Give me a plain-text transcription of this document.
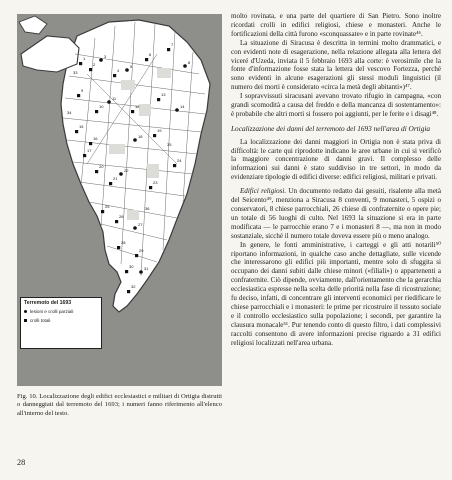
1
2
3
4
5
6
7
8
9
10
11
12
13
14
15
16
17
18
19
20
21
22
23
24
25
26
27
28
29
30	31
32
33
34
35
36
Terremoto del 1693
lesioni e crolli parziali
crolli totali
Fig. 10. Localizzazione degli edifici ecclesiastici e militari di Ortigia distrutti o danneggiati dal terremoto del 1693; i numeri fanno riferimento all'elenco all'interno del testo.
28

molto rovinata, e una parte del quartiere di San Pietro. Sono inoltre ricordati crolli in edifici religiosi, chiese e monasteri. Anche le fortificazioni della città furono «sconquassate» e in parte rovinate⁴⁶.

La situazione di Siracusa è descritta in termini molto drammatici, e con evidenti note di esagerazione, nella relazione allegata alla lettera del viceré d'Uzeda, inviata il 5 febbraio 1693 alla corte: è verosimile che la fonte d'informazione fosse stata la lettera del vescovo Fortezza, perché sono evidenti in alcune esagerazioni gli stessi moduli linguistici (il numero dei morti è considerato «circa la metà degli abitanti»)⁴⁷.

I sopravvissuti siracusani avevano trovato rifugio in campagna, «con grandi scomodità a causa del freddo e della mancanza di sostentamento»: è probabile che altri morti si fossero poi aggiunti, per le ferite e i disagi⁴⁸.

Localizzazione dei danni del terremoto del 1693 nell'area di Ortigia

La localizzazione dei danni maggiori in Ortigia non è stata priva di difficoltà: le carte qui riprodotte indicano le aree urbane in cui si verificò la maggiore concentrazione di danni gravi. Il complesso delle informazioni sui danni è stato suddiviso in tre settori, in modo da evidenziare tipologie di edifici diverse: edifici religiosi, militari e privati.

Edifici religiosi. Un documento redatto dai gesuiti, risalente alla metà del Seicento⁴⁹, menziona a Siracusa 8 conventi, 9 monasteri, 5 ospizi o conservatori, 8 chiese parrocchiali, 26 chiese di confraternite o opere pie; un totale di 56 luoghi di culto. Nel 1693 la situazione si era in parte modificata — le parrocchie erano 7 e i monasteri 8 —, ma non in modo sostanziale, sicché il numero totale doveva essere più o meno analogo.

In genere, le fonti amministrative, i carteggi e gli atti notarili⁵⁰ riportano informazioni, in qualche caso anche dettagliate, sulle vicende che interessarono gli edifici più importanti, mentre solo di sfuggita si occupano dei danni subiti dalle chiese minori («filiali») o appartenenti a confraternite. Ciò dipende, ovviamente, dall'orientamento che la gerarchia ecclesiastica espresse nella scelta delle priorità nella fase di ricostruzione; fu deciso, infatti, di concentrare gli interventi economici per riedificare le chiese parrocchiali e i monasteri: le prime per ricostruire il tessuto sociale e il controllo ecclesiastico sulla popolazione; i secondi, per garantire la clausura monacale⁵¹. Pur tenendo conto di questo filtro, i dati complessivi raccolti consentono di avere informazioni precise riguardo a 31 edifici religiosi localizzati nell'area urbana.
